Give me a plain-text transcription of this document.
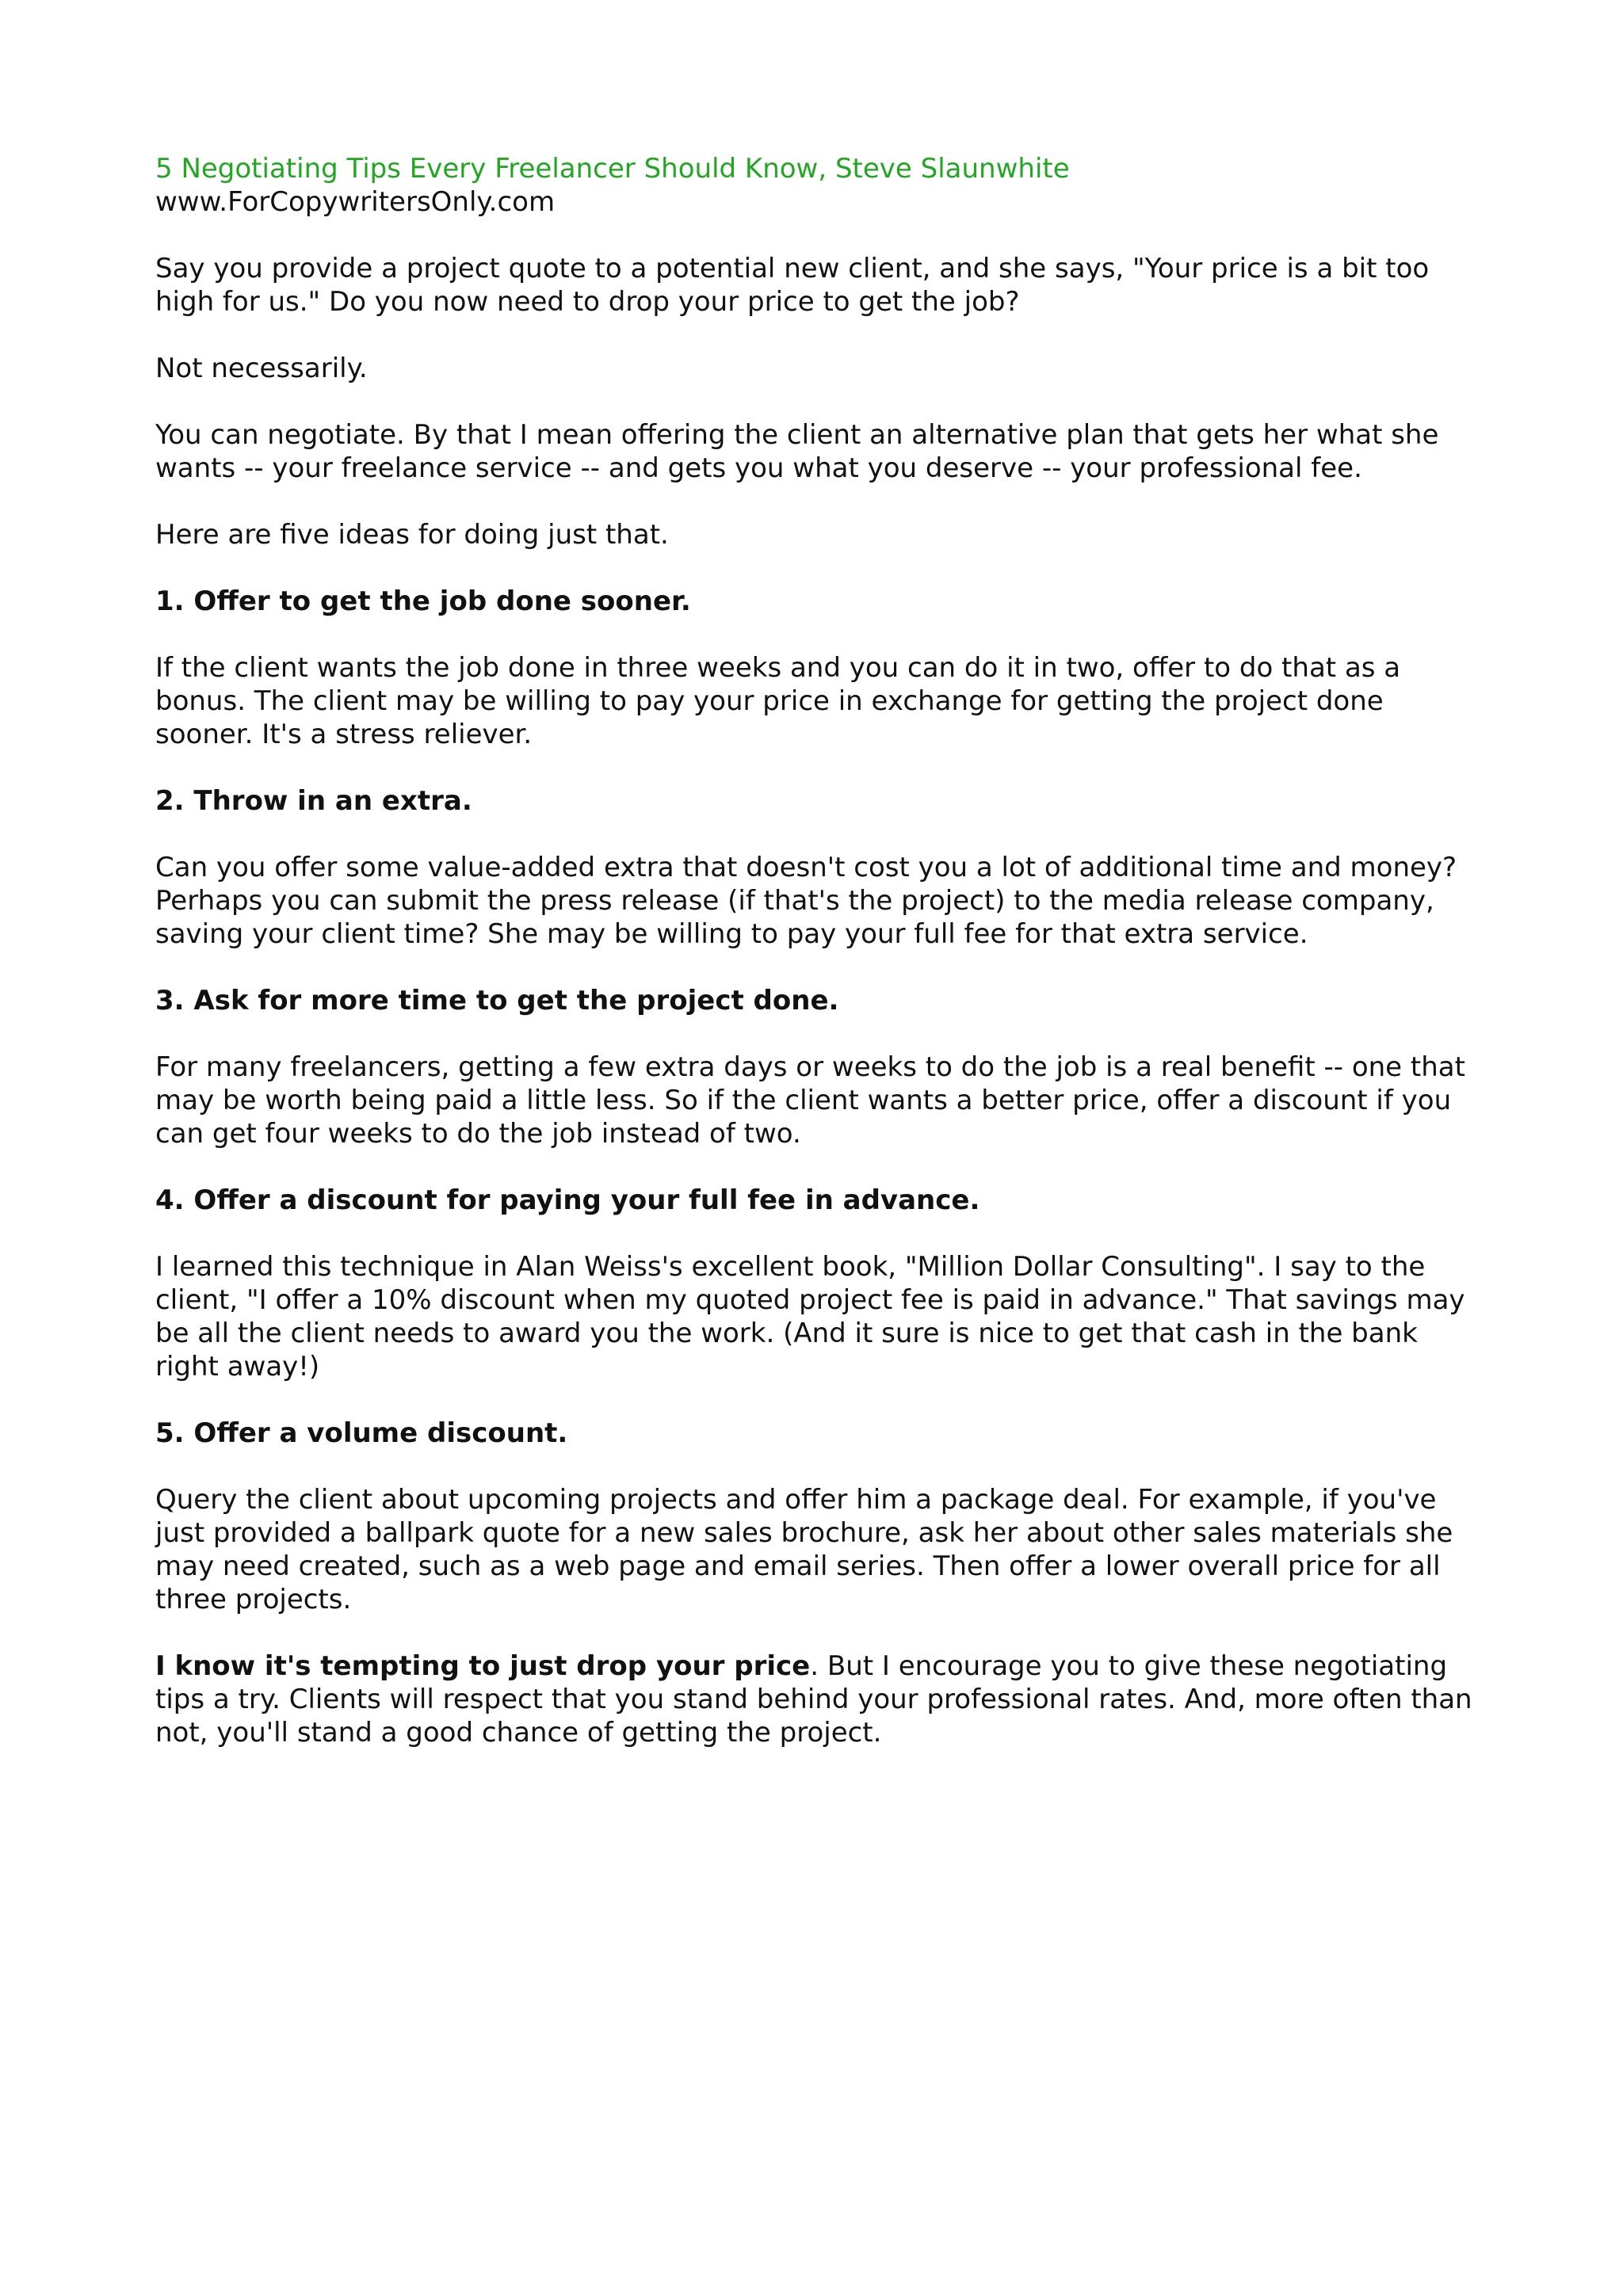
5 Negotiating Tips Every Freelancer Should Know, Steve Slaunwhite
www.ForCopywritersOnly.com

Say you provide a project quote to a potential new client, and she says, "Your price is a bit too high for us." Do you now need to drop your price to get the job?

Not necessarily.

You can negotiate. By that I mean offering the client an alternative plan that gets her what she wants -- your freelance service -- and gets you what you deserve -- your professional fee.

Here are five ideas for doing just that.

1. Offer to get the job done sooner.

If the client wants the job done in three weeks and you can do it in two, offer to do that as a bonus. The client may be willing to pay your price in exchange for getting the project done sooner. It's a stress reliever.

2. Throw in an extra.

Can you offer some value-added extra that doesn't cost you a lot of additional time and money? Perhaps you can submit the press release (if that's the project) to the media release company, saving your client time? She may be willing to pay your full fee for that extra service.

3. Ask for more time to get the project done.

For many freelancers, getting a few extra days or weeks to do the job is a real benefit -- one that may be worth being paid a little less. So if the client wants a better price, offer a discount if you can get four weeks to do the job instead of two.

4. Offer a discount for paying your full fee in advance.

I learned this technique in Alan Weiss's excellent book, "Million Dollar Consulting". I say to the client, "I offer a 10% discount when my quoted project fee is paid in advance." That savings may be all the client needs to award you the work. (And it sure is nice to get that cash in the bank right away!)

5. Offer a volume discount.

Query the client about upcoming projects and offer him a package deal. For example, if you've just provided a ballpark quote for a new sales brochure, ask her about other sales materials she may need created, such as a web page and email series. Then offer a lower overall price for all three projects.

I know it's tempting to just drop your price. But I encourage you to give these negotiating tips a try. Clients will respect that you stand behind your professional rates. And, more often than not, you'll stand a good chance of getting the project.
